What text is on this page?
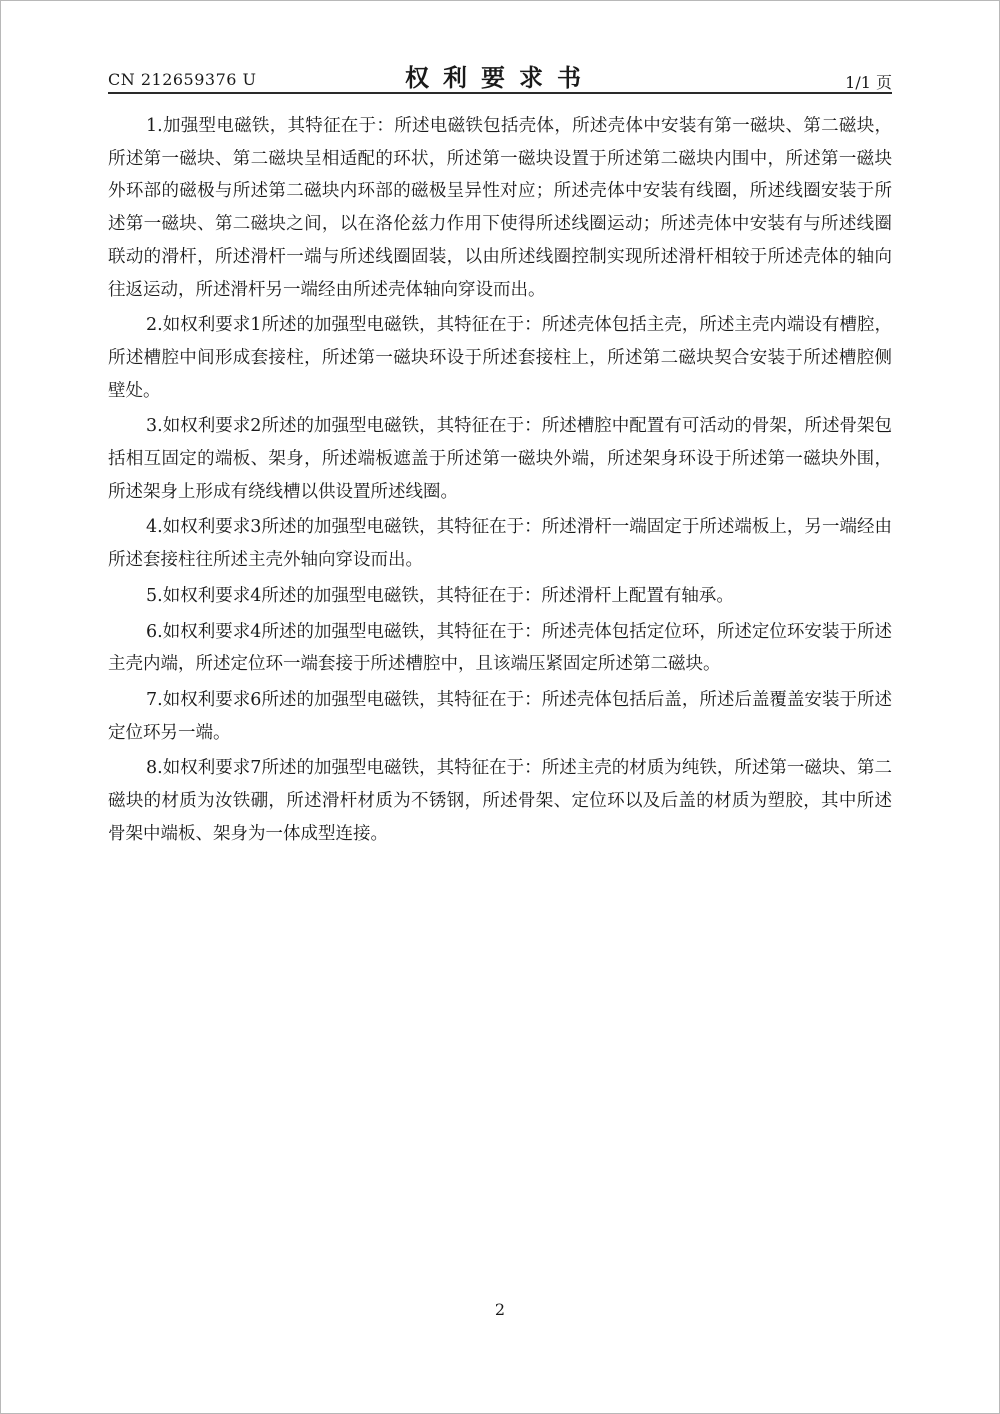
CN 212659376 U	权利要求书	1/1 页

1.加强型电磁铁，其特征在于：所述电磁铁包括壳体，所述壳体中安装有第一磁块、第二磁块，所述第一磁块、第二磁块呈相适配的环状，所述第一磁块设置于所述第二磁块内围中，所述第一磁块外环部的磁极与所述第二磁块内环部的磁极呈异性对应；所述壳体中安装有线圈，所述线圈安装于所述第一磁块、第二磁块之间，以在洛伦兹力作用下使得所述线圈运动；所述壳体中安装有与所述线圈联动的滑杆，所述滑杆一端与所述线圈固装，以由所述线圈控制实现所述滑杆相较于所述壳体的轴向往返运动，所述滑杆另一端经由所述壳体轴向穿设而出。

2.如权利要求1所述的加强型电磁铁，其特征在于：所述壳体包括主壳，所述主壳内端设有槽腔，所述槽腔中间形成套接柱，所述第一磁块环设于所述套接柱上，所述第二磁块契合安装于所述槽腔侧壁处。

3.如权利要求2所述的加强型电磁铁，其特征在于：所述槽腔中配置有可活动的骨架，所述骨架包括相互固定的端板、架身，所述端板遮盖于所述第一磁块外端，所述架身环设于所述第一磁块外围，所述架身上形成有绕线槽以供设置所述线圈。

4.如权利要求3所述的加强型电磁铁，其特征在于：所述滑杆一端固定于所述端板上，另一端经由所述套接柱往所述主壳外轴向穿设而出。

5.如权利要求4所述的加强型电磁铁，其特征在于：所述滑杆上配置有轴承。

6.如权利要求4所述的加强型电磁铁，其特征在于：所述壳体包括定位环，所述定位环安装于所述主壳内端，所述定位环一端套接于所述槽腔中，且该端压紧固定所述第二磁块。

7.如权利要求6所述的加强型电磁铁，其特征在于：所述壳体包括后盖，所述后盖覆盖安装于所述定位环另一端。

8.如权利要求7所述的加强型电磁铁，其特征在于：所述主壳的材质为纯铁，所述第一磁块、第二磁块的材质为汝铁硼，所述滑杆材质为不锈钢，所述骨架、定位环以及后盖的材质为塑胶，其中所述骨架中端板、架身为一体成型连接。

2
